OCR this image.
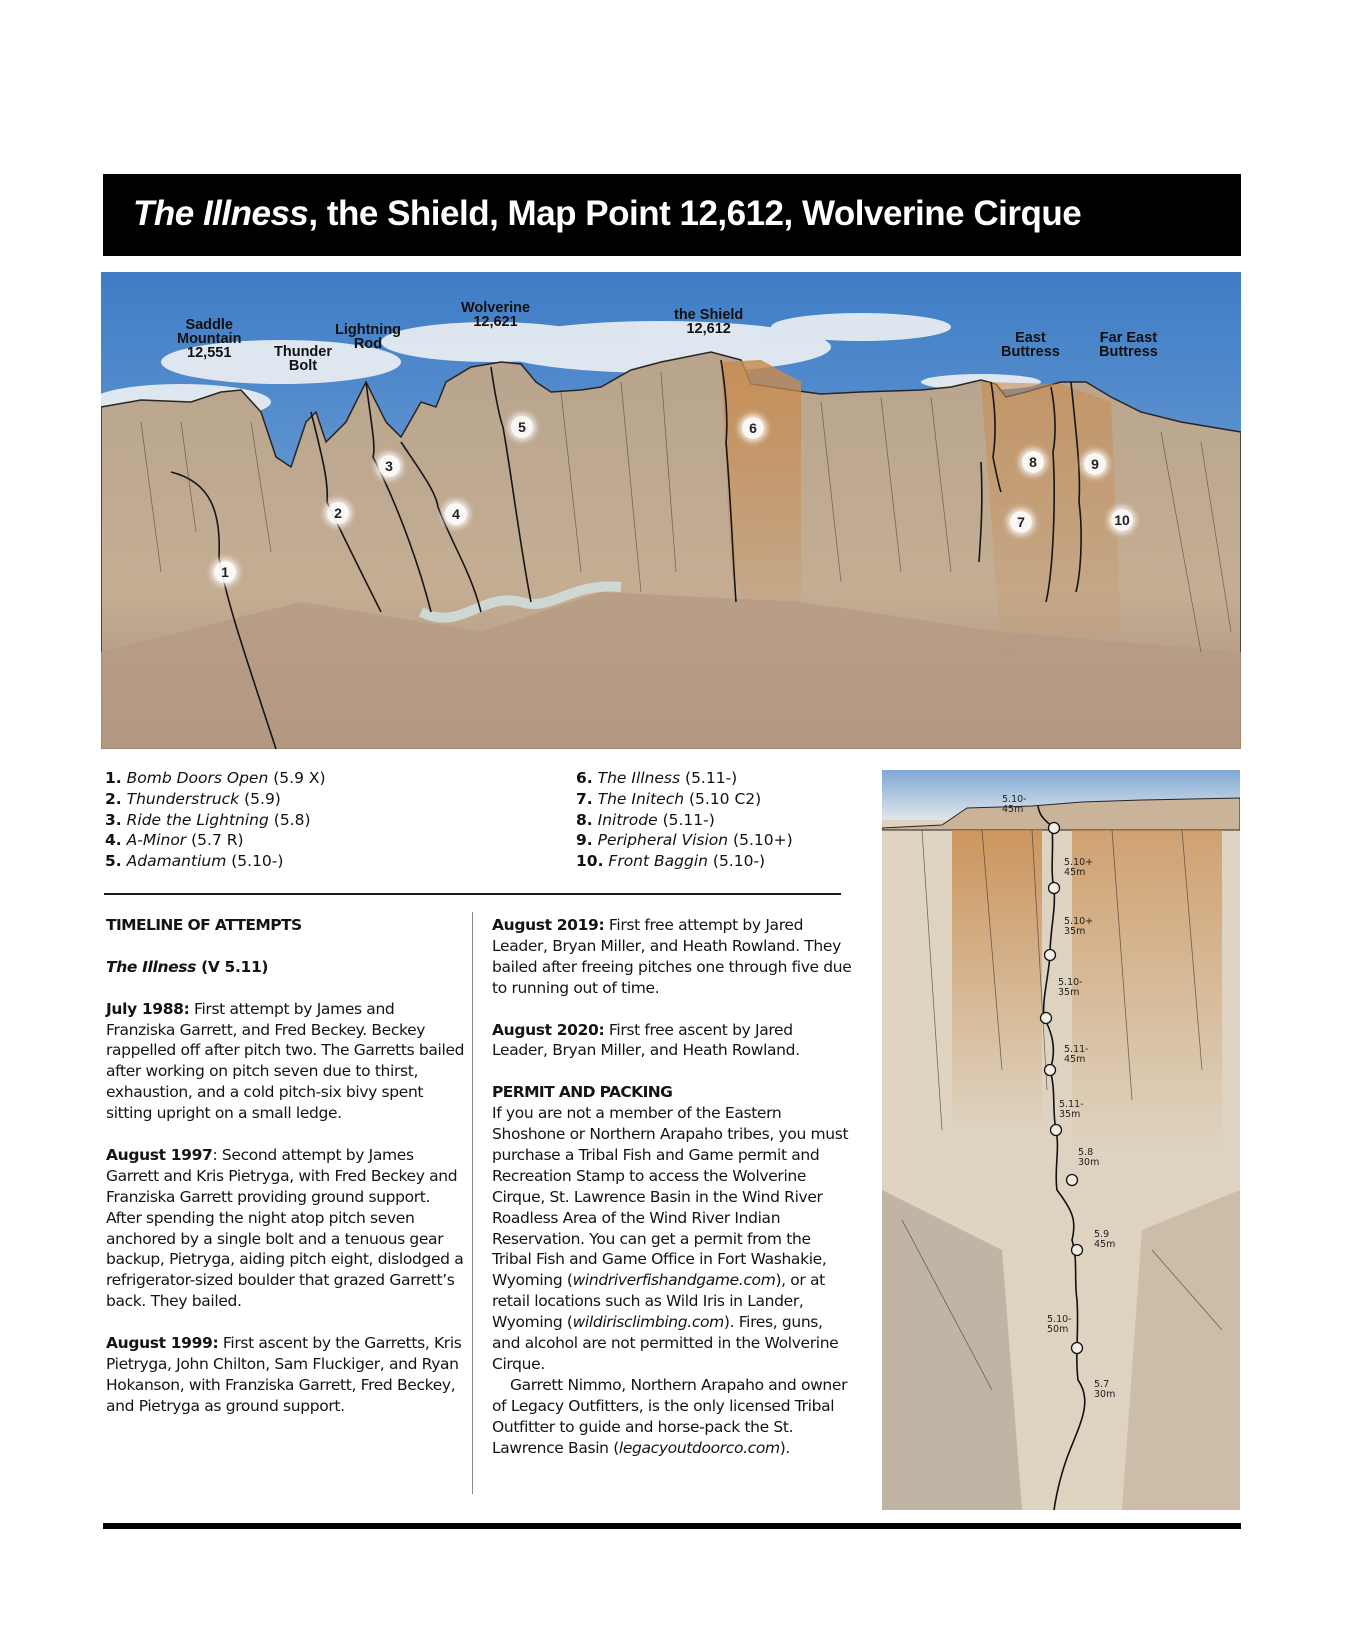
The Illness, the Shield, Map Point 12,612, Wolverine Cirque
Saddle
Mountain
12,551	Thunder
Bolt
Lightning
Rod
Wolverine
12,621	the Shield
12,612
East
Buttress
Far East
Buttress
1
2
3
4
5	6
7
8	9
10
1. Bomb Doors Open (5.9 X)
2. Thunderstruck (5.9)
3. Ride the Lightning (5.8)
4. A-Minor (5.7 R)
5. Adamantium (5.10-)
6. The Illness (5.11-)
7. The Initech (5.10 C2)
8. Initrode (5.11-)
9. Peripheral Vision (5.10+)
10. Front Baggin (5.10-)

TIMELINE OF ATTEMPTS

The Illness (V 5.11)

July 1988: First attempt by James and Franziska Garrett, and Fred Beckey. Beckey rappelled off after pitch two. The Garretts bailed after working on pitch seven due to thirst, exhaustion, and a cold pitch-six bivy spent sitting upright on a small ledge.

August 1997: Second attempt by James Garrett and Kris Pietryga, with Fred Beckey and Franziska Garrett providing ground support. After spending the night atop pitch seven anchored by a single bolt and a tenuous gear backup, Pietryga, aiding pitch eight, dislodged a refrigerator-sized boulder that grazed Garrett’s back. They bailed.

August 1999: First ascent by the Garretts, Kris Pietryga, John Chilton, Sam Fluckiger, and Ryan Hokanson, with Franziska Garrett, Fred Beckey, and Pietryga as ground support.

August 2019: First free attempt by Jared Leader, Bryan Miller, and Heath Rowland. They bailed after freeing pitches one through five due to running out of time.

August 2020: First free ascent by Jared Leader, Bryan Miller, and Heath Rowland.

PERMIT AND PACKING

If you are not a member of the Eastern Shoshone or Northern Arapaho tribes, you must purchase a Tribal Fish and Game permit and Recreation Stamp to access the Wolverine Cirque, St. Lawrence Basin in the Wind River Roadless Area of the Wind River Indian Reservation. You can get a permit from the Tribal Fish and Game Office in Fort Washakie, Wyoming (windriverfishandgame.com), or at retail locations such as Wild Iris in Lander, Wyoming (wildirisclimbing.com). Fires, guns, and alcohol are not permitted in the Wolverine Cirque.

Garrett Nimmo, Northern Arapaho and owner of Legacy Outfitters, is the only licensed Tribal Outfitter to guide and horse-pack the St. Lawrence Basin (legacyoutdoorco.com).

5.10-
45m
5.10+
45m
5.10+
35m
5.10-
35m
5.11-
45m
5.11-
35m
5.8
30m
5.9
45m
5.10-
50m
5.7
30m
